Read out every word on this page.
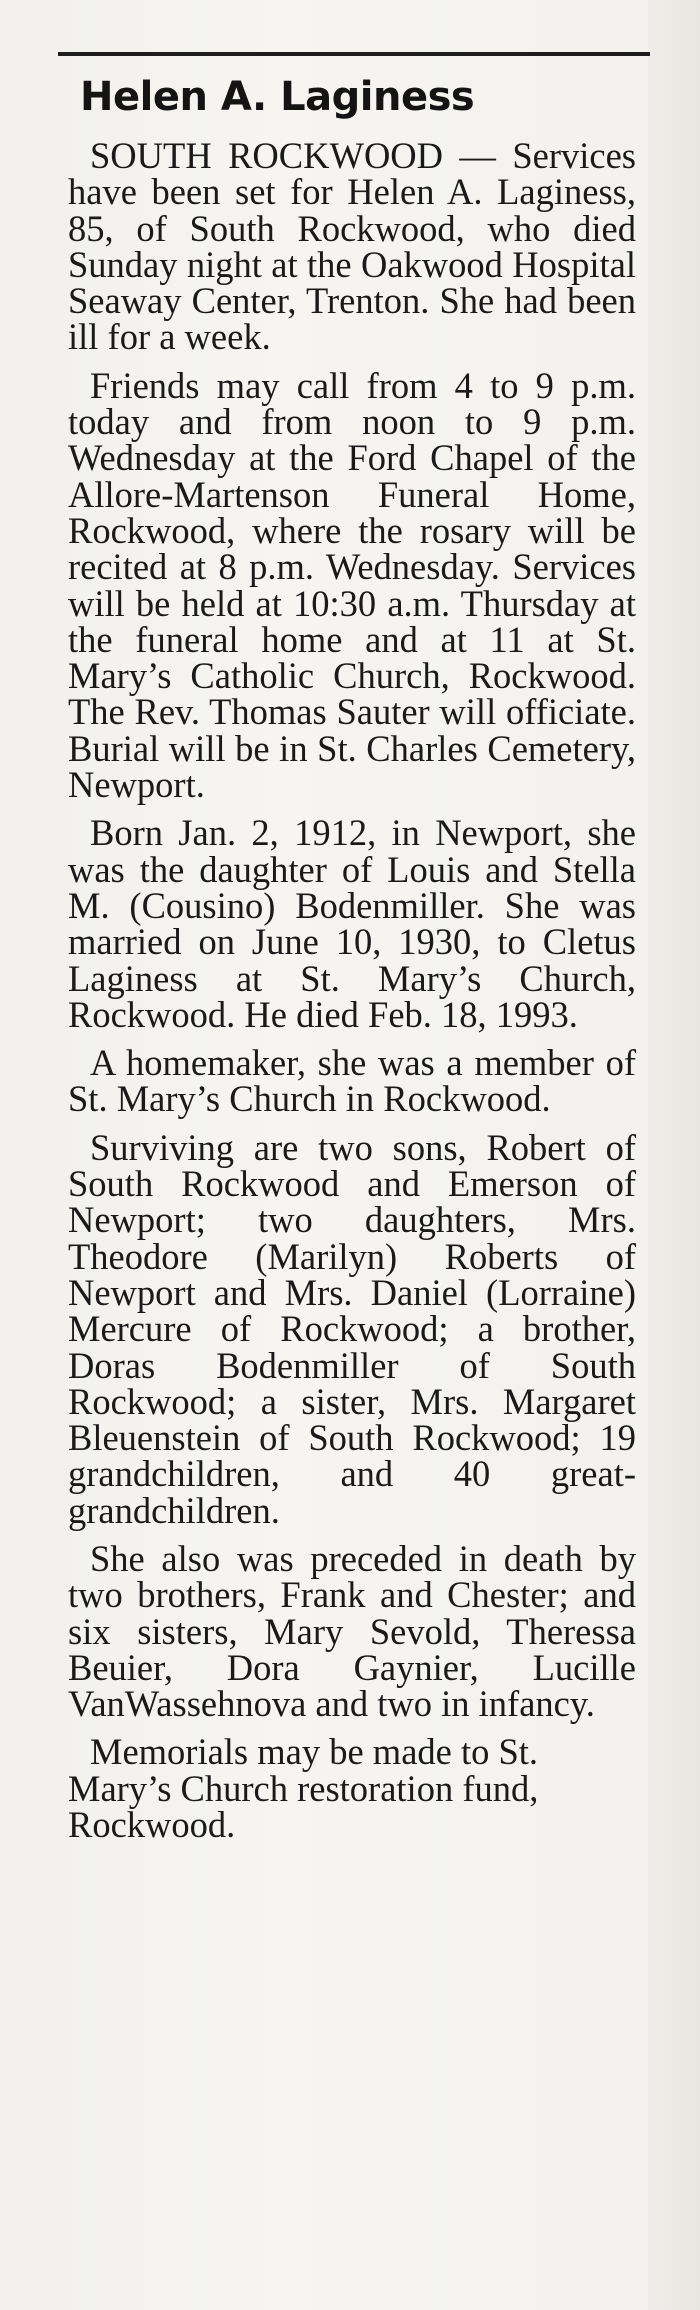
Helen A. Laginess

SOUTH ROCKWOOD — Services have been set for Helen A. Laginess, 85, of South Rockwood, who died Sunday night at the Oakwood Hospital Seaway Center, Trenton. She had been ill for a week.

Friends may call from 4 to 9 p.m. today and from noon to 9 p.m. Wednesday at the Ford Chapel of the Allore-Martenson Funeral Home, Rockwood, where the rosary will be recited at 8 p.m. Wednesday. Services will be held at 10:30 a.m. Thursday at the funeral home and at 11 at St. Mary’s Catholic Church, Rockwood. The Rev. Thomas Sauter will officiate. Burial will be in St. Charles Cemetery, Newport.

Born Jan. 2, 1912, in Newport, she was the daughter of Louis and Stella M. (Cousino) Bodenmiller. She was married on June 10, 1930, to Cletus Laginess at St. Mary’s Church, Rockwood. He died Feb. 18, 1993.

A homemaker, she was a member of St. Mary’s Church in Rockwood.

Surviving are two sons, Robert of South Rockwood and Emerson of Newport; two daughters, Mrs. Theodore (Marilyn) Roberts of Newport and Mrs. Daniel (Lorraine) Mercure of Rockwood; a brother, Doras Bodenmiller of South Rockwood; a sister, Mrs. Margaret Bleuenstein of South Rockwood; 19 grandchildren, and 40 great-grandchildren.

She also was preceded in death by two brothers, Frank and Chester; and six sisters, Mary Sevold, Theressa Beuier, Dora Gaynier, Lucille VanWassehnova and two in infancy.

Memorials may be made to St. Mary’s Church restoration fund, Rockwood.
